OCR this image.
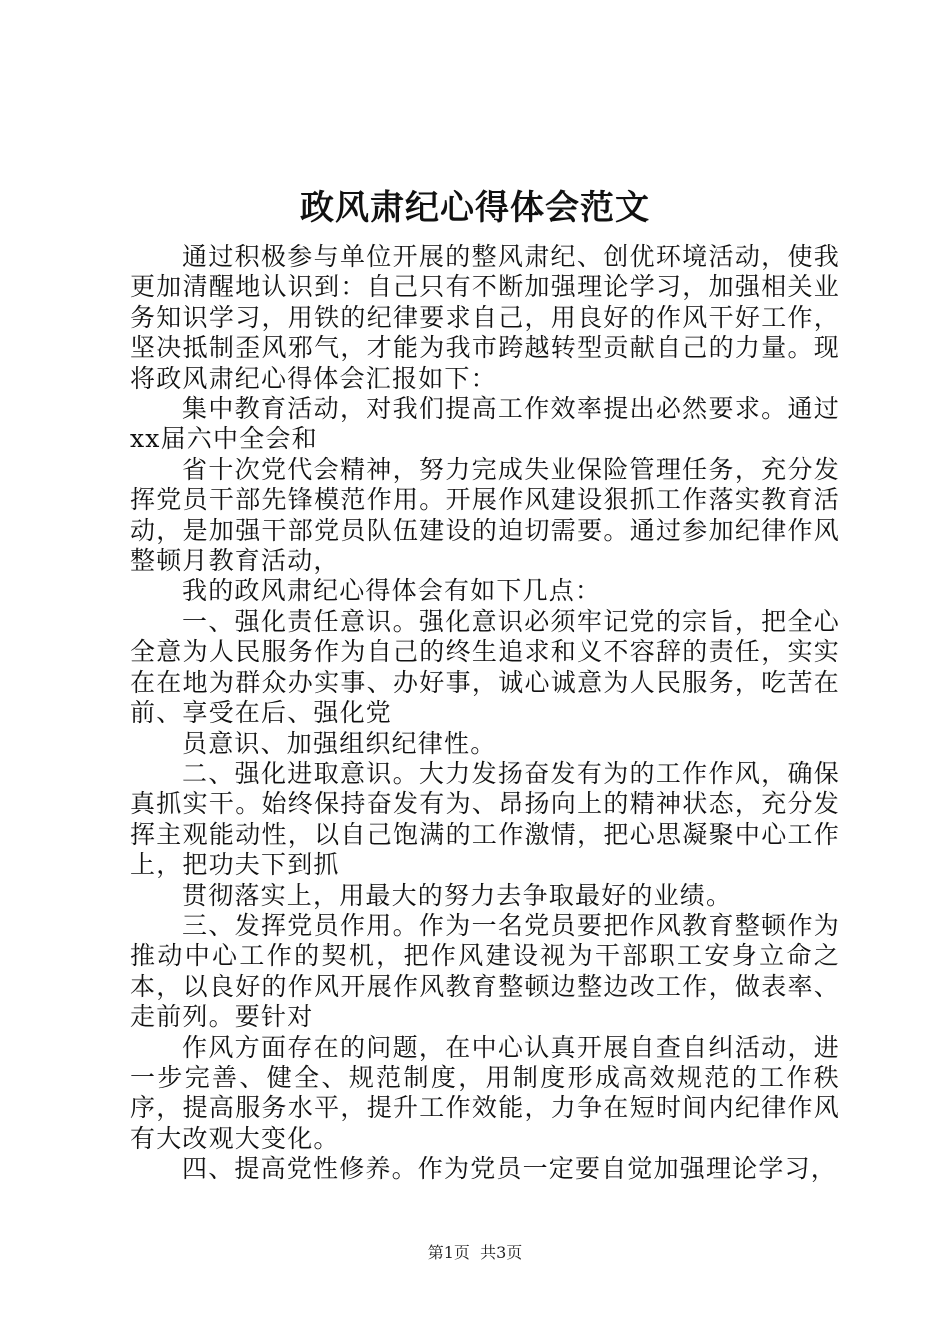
政风肃纪心得体会范文

通过积极参与单位开展的整风肃纪、创优环境活动，使我更加清醒地认识到：自己只有不断加强理论学习，加强相关业务知识学习，用铁的纪律要求自己，用良好的作风干好工作，坚决抵制歪风邪气，才能为我市跨越转型贡献自己的力量。现将政风肃纪心得体会汇报如下：

集中教育活动，对我们提高工作效率提出必然要求。通过xx届六中全会和

省十次党代会精神，努力完成失业保险管理任务，充分发挥党员干部先锋模范作用。开展作风建设狠抓工作落实教育活动，是加强干部党员队伍建设的迫切需要。通过参加纪律作风整顿月教育活动，

我的政风肃纪心得体会有如下几点：

一、强化责任意识。强化意识必须牢记党的宗旨，把全心全意为人民服务作为自己的终生追求和义不容辞的责任，实实在在地为群众办实事、办好事，诚心诚意为人民服务，吃苦在前、享受在后、强化党

员意识、加强组织纪律性。

二、强化进取意识。大力发扬奋发有为的工作作风，确保真抓实干。始终保持奋发有为、昂扬向上的精神状态，充分发挥主观能动性，以自己饱满的工作激情，把心思凝聚中心工作上，把功夫下到抓

贯彻落实上，用最大的努力去争取最好的业绩。

三、发挥党员作用。作为一名党员要把作风教育整顿作为推动中心工作的契机，把作风建设视为干部职工安身立命之本，以良好的作风开展作风教育整顿边整边改工作，做表率、走前列。要针对

作风方面存在的问题，在中心认真开展自查自纠活动，进一步完善、健全、规范制度，用制度形成高效规范的工作秩序，提高服务水平，提升工作效能，力争在短时间内纪律作风有大改观大变化。

四、提高党性修养。作为党员一定要自觉加强理论学习，

第1页 共3页
